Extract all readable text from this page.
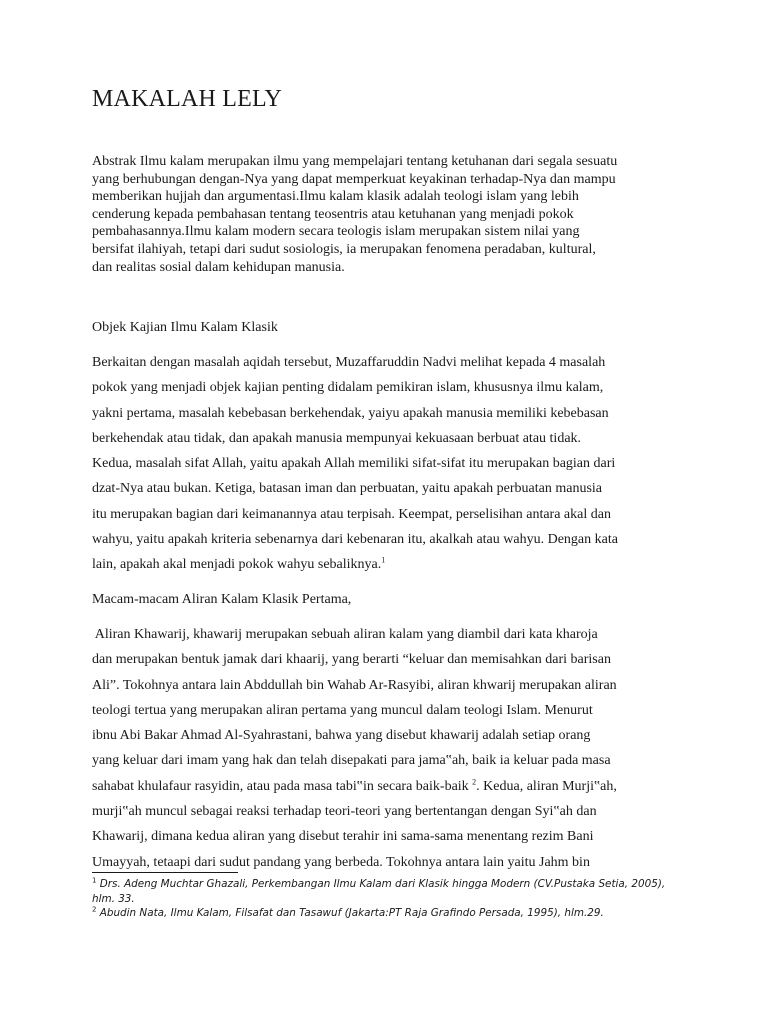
MAKALAH LELY
Abstrak Ilmu kalam merupakan ilmu yang mempelajari tentang ketuhanan dari segala sesuatu
yang berhubungan dengan-Nya yang dapat memperkuat keyakinan terhadap-Nya dan mampu
memberikan hujjah dan argumentasi.Ilmu kalam klasik adalah teologi islam yang lebih
cenderung kepada pembahasan tentang teosentris atau ketuhanan yang menjadi pokok
pembahasannya.Ilmu kalam modern secara teologis islam merupakan sistem nilai yang
bersifat ilahiyah, tetapi dari sudut sosiologis, ia merupakan fenomena peradaban, kultural,
dan realitas sosial dalam kehidupan manusia.
Objek Kajian Ilmu Kalam Klasik
Berkaitan dengan masalah aqidah tersebut, Muzaffaruddin Nadvi melihat kepada 4 masalah
pokok yang menjadi objek kajian penting didalam pemikiran islam, khususnya ilmu kalam,
yakni pertama, masalah kebebasan berkehendak, yaiyu apakah manusia memiliki kebebasan
berkehendak atau tidak, dan apakah manusia mempunyai kekuasaan berbuat atau tidak.
Kedua, masalah sifat Allah, yaitu apakah Allah memiliki sifat-sifat itu merupakan bagian dari
dzat-Nya atau bukan. Ketiga, batasan iman dan perbuatan, yaitu apakah perbuatan manusia
itu merupakan bagian dari keimanannya atau terpisah. Keempat, perselisihan antara akal dan
wahyu, yaitu apakah kriteria sebenarnya dari kebenaran itu, akalkah atau wahyu. Dengan kata
lain, apakah akal menjadi pokok wahyu sebaliknya.$^1$
Macam-macam Aliran Kalam Klasik Pertama,
Aliran Khawarij, khawarij merupakan sebuah aliran kalam yang diambil dari kata kharoja
dan merupakan bentuk jamak dari khaarij, yang berarti “keluar dan memisahkan dari barisan
Ali”. Tokohnya antara lain Abddullah bin Wahab Ar-Rasyibi, aliran khwarij merupakan aliran
teologi tertua yang merupakan aliran pertama yang muncul dalam teologi Islam. Menurut
ibnu Abi Bakar Ahmad Al-Syahrastani, bahwa yang disebut khawarij adalah setiap orang
yang keluar dari imam yang hak dan telah disepakati para jama‟ah, baik ia keluar pada masa
sahabat khulafaur rasyidin, atau pada masa tabi‟in secara baik-baik $^2$. Kedua, aliran Murji‟ah,
murji‟ah muncul sebagai reaksi terhadap teori-teori yang bertentangan dengan Syi‟ah dan
Khawarij, dimana kedua aliran yang disebut terahir ini sama-sama menentang rezim Bani
Umayyah, tetaapi dari sudut pandang yang berbeda. Tokohnya antara lain yaitu Jahm bin
$^1$ Drs. Adeng Muchtar Ghazali, Perkembangan Ilmu Kalam dari Klasik hingga Modern (CV.Pustaka Setia, 2005),
hlm. 33.
$^2$ Abudin Nata, Ilmu Kalam, Filsafat dan Tasawuf (Jakarta:PT Raja Grafindo Persada, 1995), hlm.29.
